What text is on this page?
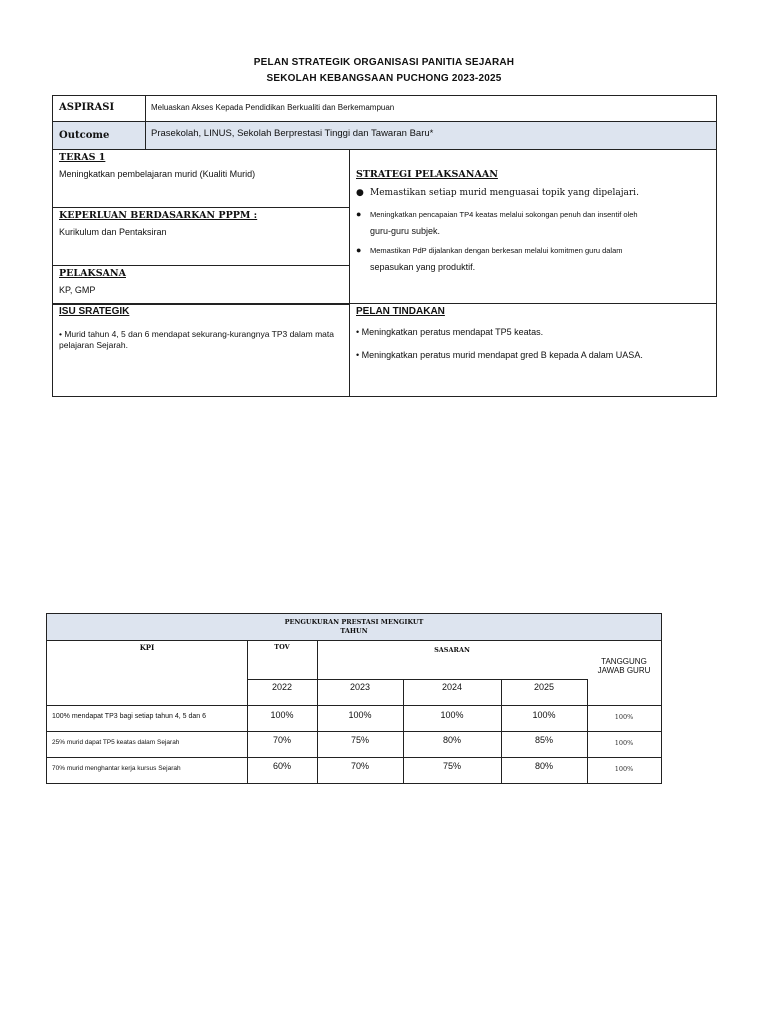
PELAN STRATEGIK ORGANISASI PANITIA SEJARAH
SEKOLAH KEBANGSAAN PUCHONG 2023-2025
ASPIRASI	Meluaskan Akses Kepada Pendidikan Berkualiti dan Berkemampuan
Outcome	Prasekolah, LINUS, Sekolah Berprestasi Tinggi dan Tawaran Baru*
TERAS 1
Meningkatkan pembelajaran murid (Kualiti Murid)
KEPERLUAN BERDASARKAN PPPM :
Kurikulum dan Pentaksiran
PELAKSANA
KP, GMP
ISU SRATEGIK
• Murid tahun 4, 5 dan 6 mendapat sekurang-kurangnya TP3 dalam mata pelajaran Sejarah.
STRATEGI PELAKSANAAN
● Memastikan setiap murid menguasai topik yang dipelajari.
● Meningkatkan pencapaian TP4 keatas melalui sokongan penuh dan insentif oleh
guru-guru subjek.
● Memastikan PdP dijalankan dengan berkesan melalui komitmen guru dalam
sepasukan yang produktif.
PELAN TINDAKAN
• Meningkatkan peratus mendapat TP5 keatas.
• Meningkatkan peratus murid mendapat gred B kepada A dalam UASA.
PENGUKURAN PRESTASI MENGIKUT
TAHUN
KPI	TOV	SASARAN
TANGGUNG
JAWAB GURU
2022	2023	2024	2025
100% mendapat TP3 bagi setiap tahun 4, 5 dan 6	100%	100%	100%	100%	100%
25% murid dapat TP5 keatas dalam Sejarah	70%	75%	80%	85%	100%
70% murid menghantar kerja kursus Sejarah	60%	70%	75%	80%	100%
